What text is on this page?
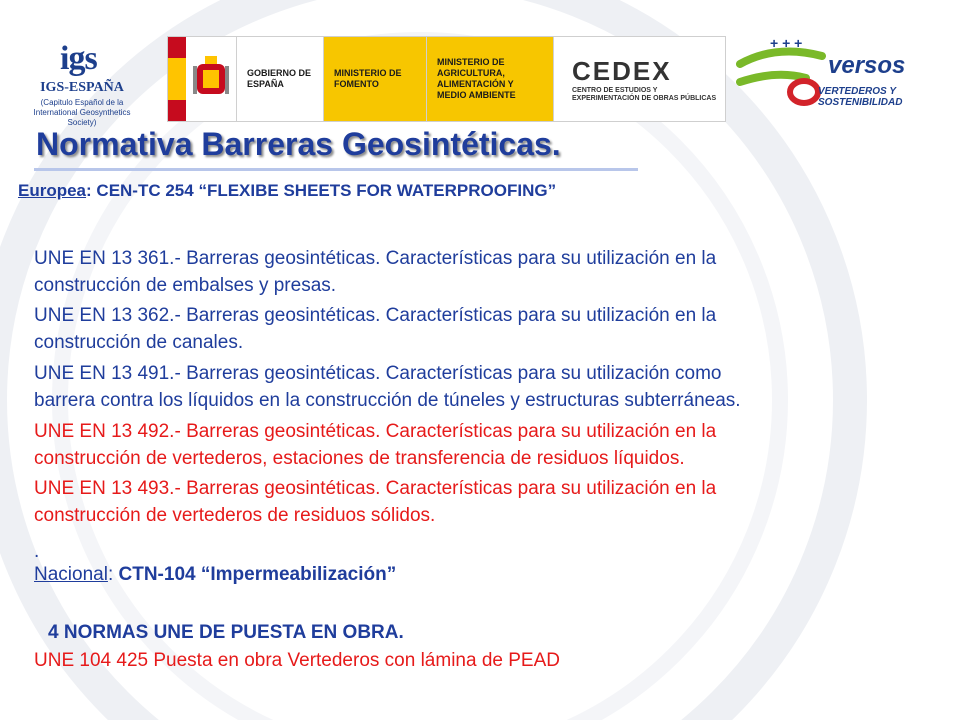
igs
IGS-ESPAÑA
(Capitulo Español de la International Geosynthetics Society)
GOBIERNO DE ESPAÑA
MINISTERIO DE FOMENTO
MINISTERIO DE AGRICULTURA, ALIMENTACIÓN Y MEDIO AMBIENTE
CEDEX
CENTRO DE ESTUDIOS Y EXPERIMENTACIÓN DE OBRAS PÚBLICAS
+ + +
versos
VERTEDEROS Y SOSTENIBILIDAD
Normativa Barreras Geosintéticas.
Europea: CEN-TC 254 “FLEXIBE SHEETS FOR WATERPROOFING”
UNE EN 13 361.- Barreras geosintéticas. Características para su utilización en la
construcción de embalses y presas.
UNE EN 13 362.- Barreras geosintéticas. Características para su utilización en la
construcción de canales.
UNE EN 13 491.- Barreras geosintéticas. Características para su utilización como
barrera contra los líquidos en la construcción de túneles y estructuras subterráneas.
UNE EN 13 492.- Barreras geosintéticas. Características para su utilización en la
construcción de vertederos, estaciones de transferencia de residuos líquidos.
UNE EN 13 493.- Barreras geosintéticas. Características para su utilización en la
construcción de vertederos de residuos sólidos.
.
Nacional: CTN-104 “Impermeabilización”
4 NORMAS UNE DE PUESTA EN OBRA.
UNE 104 425 Puesta en obra Vertederos con lámina de PEAD
